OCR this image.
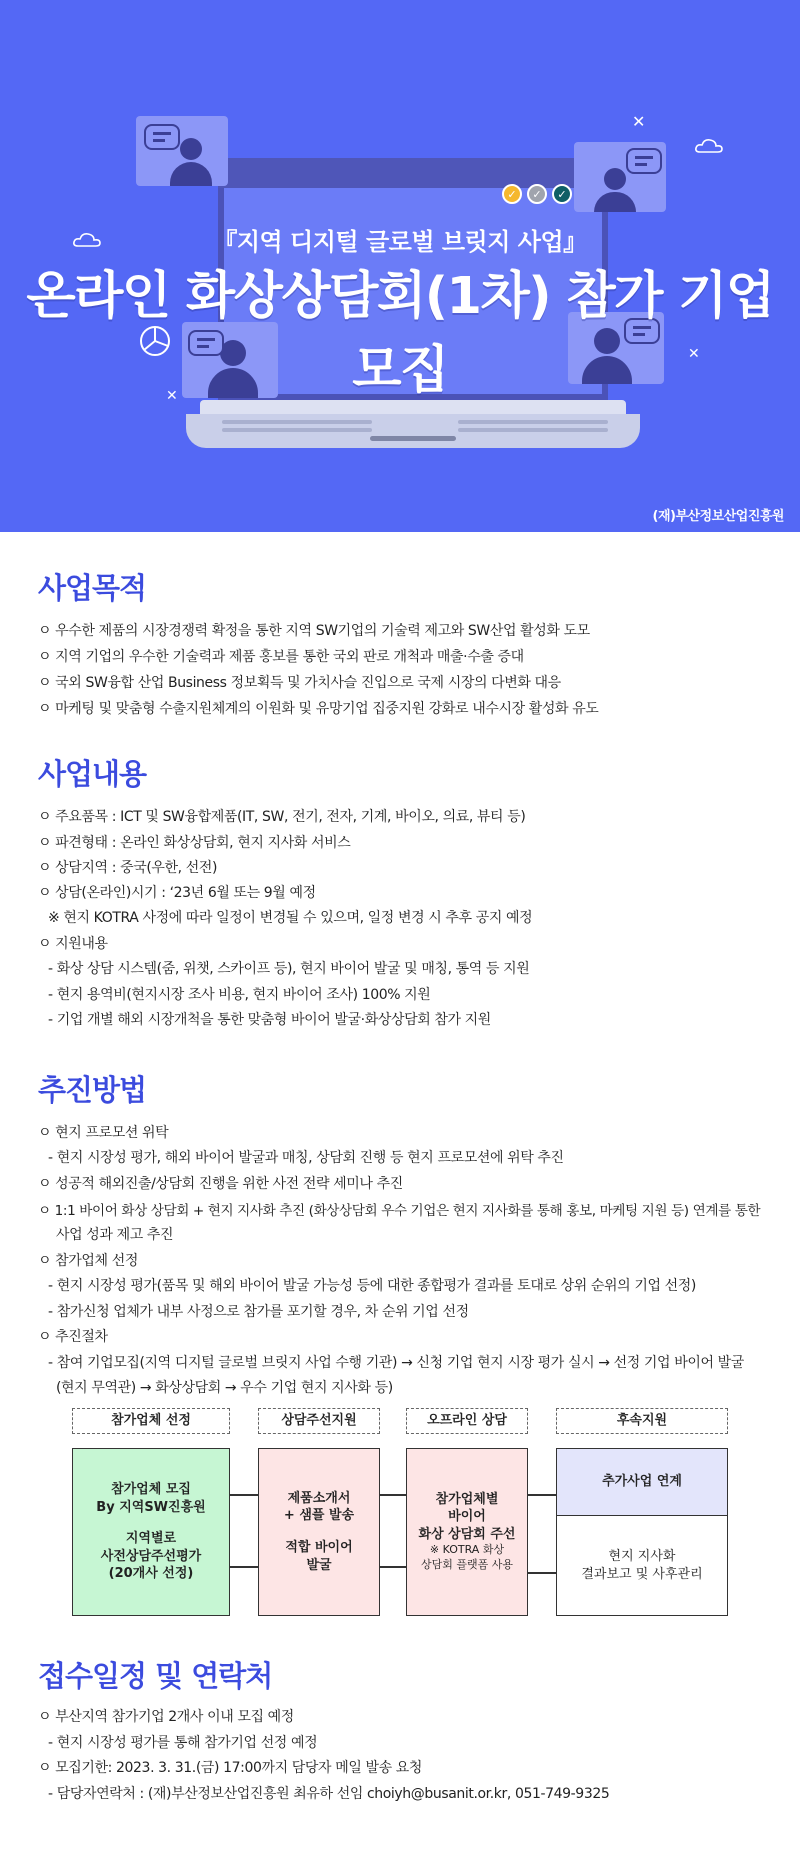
✓	✓	✓
✕
✕
✕
『지역 디지털 글로벌 브릿지 사업』
온라인 화상상담회(1차) 참가 기업 모집
(재)부산정보산업진흥원
사업목적
ㅇ 우수한 제품의 시장경쟁력 확정을 통한 지역 SW기업의 기술력 제고와 SW산업 활성화 도모
ㅇ 지역 기업의 우수한 기술력과 제품 홍보를 통한 국외 판로 개척과 매출·수출 증대
ㅇ 국외 SW융합 산업 Business 정보획득 및 가치사슬 진입으로 국제 시장의 다변화 대응
ㅇ 마케팅 및 맞춤형 수출지원체계의 이원화 및 유망기업 집중지원 강화로 내수시장 활성화 유도
사업내용
ㅇ 주요품목 : ICT 및 SW융합제품(IT, SW, 전기, 전자, 기계, 바이오, 의료, 뷰티 등)
ㅇ 파견형태 : 온라인 화상상담회, 현지 지사화 서비스
ㅇ 상담지역 : 중국(우한, 선전)
ㅇ 상담(온라인)시기 : ‘23년 6월 또는 9월 예정
※ 현지 KOTRA 사정에 따라 일정이 변경될 수 있으며, 일정 변경 시 추후 공지 예정
ㅇ 지원내용
- 화상 상담 시스템(줌, 위챗, 스카이프 등), 현지 바이어 발굴 및 매칭, 통역 등 지원
- 현지 용역비(현지시장 조사 비용, 현지 바이어 조사) 100% 지원
- 기업 개별 해외 시장개척을 통한 맞춤형 바이어 발굴·화상상담회 참가 지원
추진방법
ㅇ 현지 프로모션 위탁
- 현지 시장성 평가, 해외 바이어 발굴과 매칭, 상담회 진행 등 현지 프로모션에 위탁 추진
ㅇ 성공적 해외진출/상담회 진행을 위한 사전 전략 세미나 추진
ㅇ 1:1 바이어 화상 상담회 + 현지 지사화 추진 (화상상담회 우수 기업은 현지 지사화를 통해 홍보, 마케팅 지원 등) 연계를 통한
사업 성과 제고 추진
ㅇ 참가업체 선정
- 현지 시장성 평가(품목 및 해외 바이어 발굴 가능성 등에 대한 종합평가 결과를 토대로 상위 순위의 기업 선정)
- 참가신청 업체가 내부 사정으로 참가를 포기할 경우, 차 순위 기업 선정
ㅇ 추진절차
- 참여 기업모집(지역 디지털 글로벌 브릿지 사업 수행 기관) → 신청 기업 현지 시장 평가 실시 → 선정 기업 바이어 발굴
(현지 무역관) → 화상상담회 → 우수 기업 현지 지사화 등)
참가업체 선정	상담주선지원	오프라인 상담	후속지원
참가업체 모집
By 지역SW진흥원
지역별로
사전상담주선평가
(20개사 선정)
제품소개서
+ 샘플 발송
적합 바이어
발굴
참가업체별
바이어
화상 상담회 주선
※ KOTRA 화상
상담회 플랫폼 사용
추가사업 연계
현지 지사화
결과보고 및 사후관리
접수일정 및 연락처
ㅇ 부산지역 참가기업 2개사 이내 모집 예정
- 현지 시장성 평가를 통해 참가기업 선정 예정
ㅇ 모집기한: 2023. 3. 31.(금) 17:00까지 담당자 메일 발송 요청
- 담당자연락처 : (재)부산정보산업진흥원 최유하 선임 choiyh@busanit.or.kr, 051-749-9325
